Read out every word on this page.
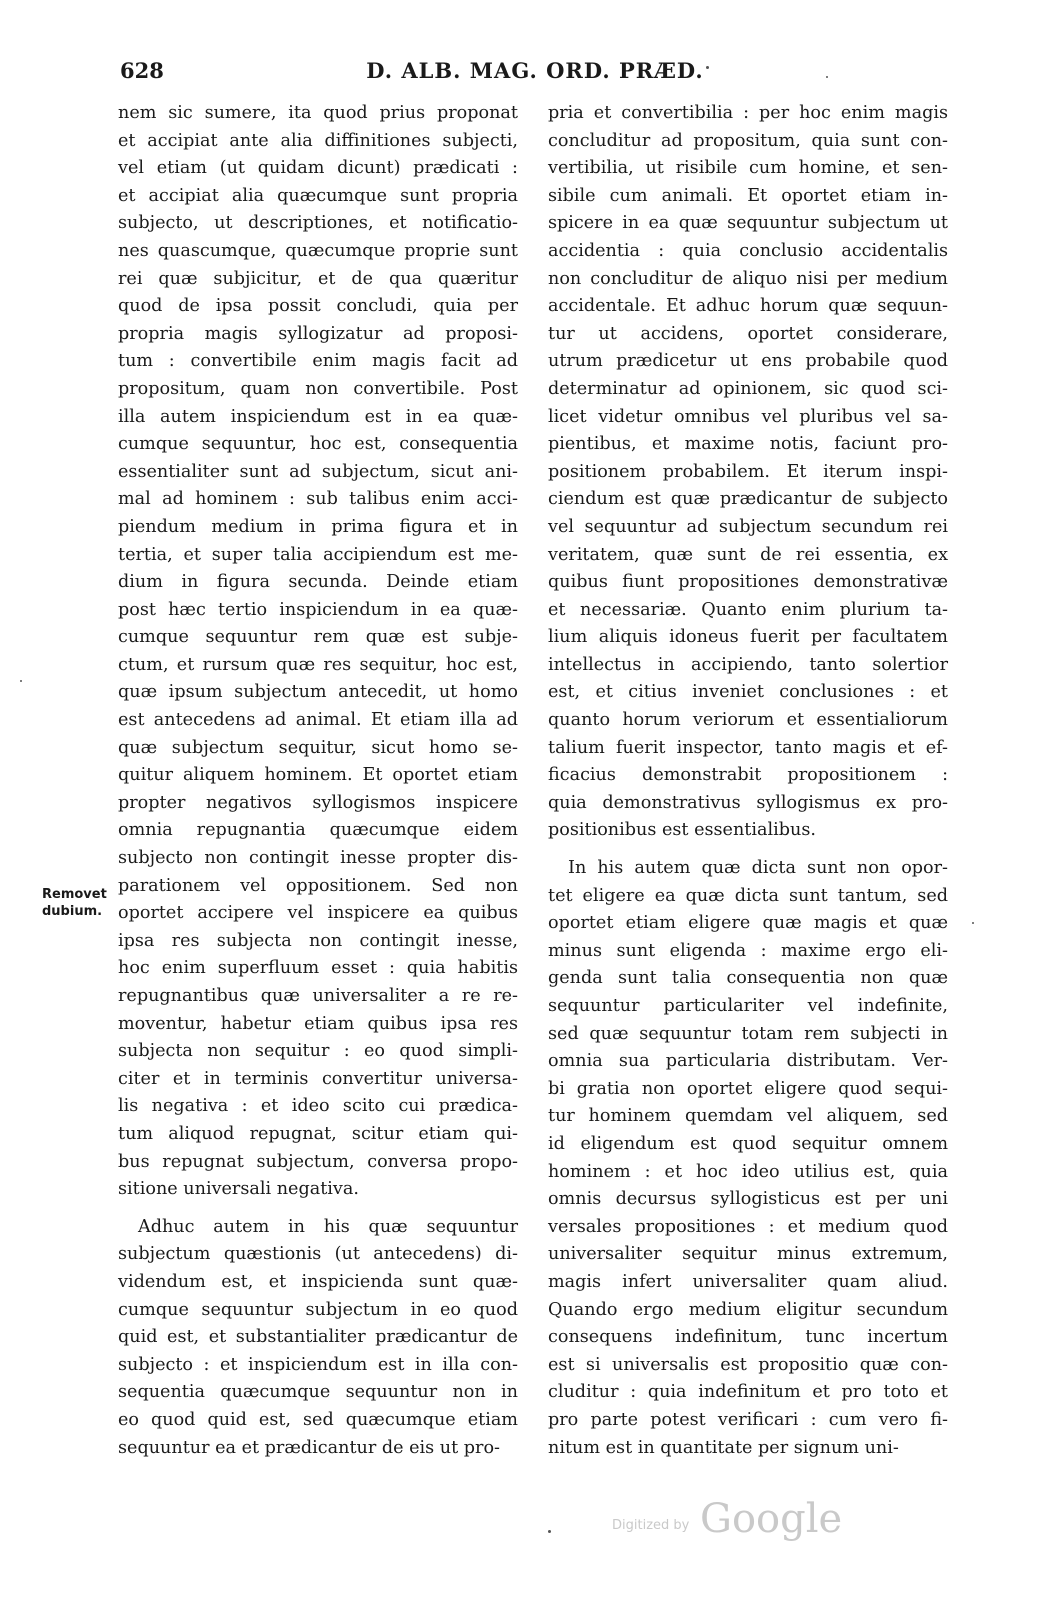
628	D. ALB. MAG. ORD. PRÆD.
Removet
dubium.
nem sic sumere, ita quod prius proponat
et accipiat ante alia diffinitiones subjecti,
vel etiam (ut quidam dicunt) prædicati :
et accipiat alia quæcumque sunt propria
subjecto, ut descriptiones, et notificatio-
nes quascumque, quæcumque proprie sunt
rei quæ subjicitur, et de qua quæritur
quod de ipsa possit concludi, quia per
propria magis syllogizatur ad proposi-
tum : convertibile enim magis facit ad
propositum, quam non convertibile. Post
illa autem inspiciendum est in ea quæ-
cumque sequuntur, hoc est, consequentia
essentialiter sunt ad subjectum, sicut ani-
mal ad hominem : sub talibus enim acci-
piendum medium in prima figura et in
tertia, et super talia accipiendum est me-
dium in figura secunda. Deinde etiam
post hæc tertio inspiciendum in ea quæ-
cumque sequuntur rem quæ est subje-
ctum, et rursum quæ res sequitur, hoc est,
quæ ipsum subjectum antecedit, ut homo
est antecedens ad animal. Et etiam illa ad
quæ subjectum sequitur, sicut homo se-
quitur aliquem hominem. Et oportet etiam
propter negativos syllogismos inspicere
omnia repugnantia quæcumque eidem
subjecto non contingit inesse propter dis-
parationem vel oppositionem. Sed non
oportet accipere vel inspicere ea quibus
ipsa res subjecta non contingit inesse,
hoc enim superfluum esset : quia habitis
repugnantibus quæ universaliter a re re-
moventur, habetur etiam quibus ipsa res
subjecta non sequitur : eo quod simpli-
citer et in terminis convertitur universa-
lis negativa : et ideo scito cui prædica-
tum aliquod repugnat, scitur etiam qui-
bus repugnat subjectum, conversa propo-
sitione universali negativa.
Adhuc autem in his quæ sequuntur
subjectum quæstionis (ut antecedens) di-
videndum est, et inspicienda sunt quæ-
cumque sequuntur subjectum in eo quod
quid est, et substantialiter prædicantur de
subjecto : et inspiciendum est in illa con-
sequentia quæcumque sequuntur non in
eo quod quid est, sed quæcumque etiam
sequuntur ea et prædicantur de eis ut pro-
pria et convertibilia : per hoc enim magis
concluditur ad propositum, quia sunt con-
vertibilia, ut risibile cum homine, et sen-
sibile cum animali. Et oportet etiam in-
spicere in ea quæ sequuntur subjectum ut
accidentia : quia conclusio accidentalis
non concluditur de aliquo nisi per medium
accidentale. Et adhuc horum quæ sequun-
tur ut accidens, oportet considerare,
utrum prædicetur ut ens probabile quod
determinatur ad opinionem, sic quod sci-
licet videtur omnibus vel pluribus vel sa-
pientibus, et maxime notis, faciunt pro-
positionem probabilem. Et iterum inspi-
ciendum est quæ prædicantur de subjecto
vel sequuntur ad subjectum secundum rei
veritatem, quæ sunt de rei essentia, ex
quibus fiunt propositiones demonstrativæ
et necessariæ. Quanto enim plurium ta-
lium aliquis idoneus fuerit per facultatem
intellectus in accipiendo, tanto solertior
est, et citius inveniet conclusiones : et
quanto horum veriorum et essentialiorum
talium fuerit inspector, tanto magis et ef-
ficacius demonstrabit propositionem :
quia demonstrativus syllogismus ex pro-
positionibus est essentialibus.
In his autem quæ dicta sunt non opor-
tet eligere ea quæ dicta sunt tantum, sed
oportet etiam eligere quæ magis et quæ
minus sunt eligenda : maxime ergo eli-
genda sunt talia consequentia non quæ
sequuntur particulariter vel indefinite,
sed quæ sequuntur totam rem subjecti in
omnia sua particularia distributam. Ver-
bi gratia non oportet eligere quod sequi-
tur hominem quemdam vel aliquem, sed
id eligendum est quod sequitur omnem
hominem : et hoc ideo utilius est, quia
omnis decursus syllogisticus est per uni
versales propositiones : et medium quod
universaliter sequitur minus extremum,
magis infert universaliter quam aliud.
Quando ergo medium eligitur secundum
consequens indefinitum, tunc incertum
est si universalis est propositio quæ con-
cluditur : quia indefinitum et pro toto et
pro parte potest verificari : cum vero fi-
nitum est in quantitate per signum uni-
Digitized by Google
